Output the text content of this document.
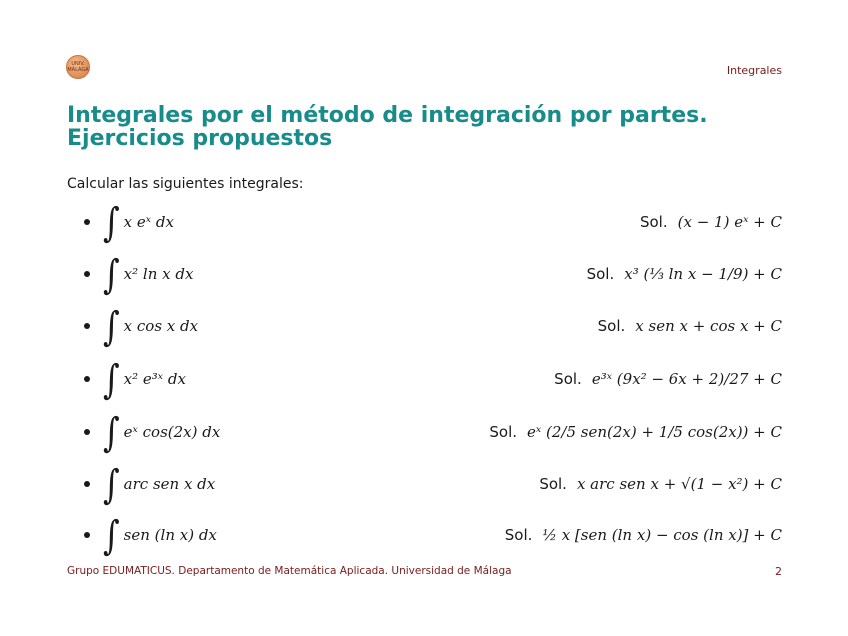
UNIV. MÁLAGA	Integrales
Integrales por el método de integración por partes. Ejercicios propuestos
Calcular las siguientes integrales:
∫ x eˣ dx	Sol. (x − 1) eˣ + C
∫ x² ln x dx	Sol. x³ (⅓ ln x − 1/9) + C
∫ x cos x dx	Sol. x sen x + cos x + C
∫ x² e³ˣ dx	Sol. e³ˣ (9x² − 6x + 2)/27 + C
∫ eˣ cos(2x) dx	Sol. eˣ (2/5 sen(2x) + 1/5 cos(2x)) + C
∫ arc sen x dx	Sol. x arc sen x + √(1 − x²) + C
∫ sen (ln x) dx	Sol. ½ x [sen (ln x) − cos (ln x)] + C
Grupo EDUMATICUS. Departamento de Matemática Aplicada. Universidad de Málaga	2
